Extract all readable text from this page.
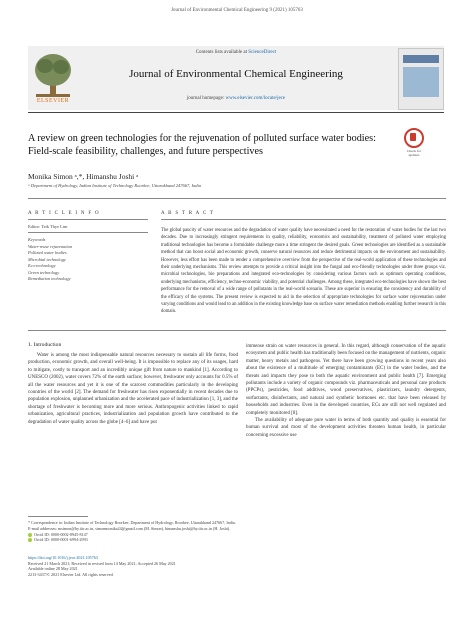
Journal of Environmental Chemical Engineering 9 (2021) 105763
ELSEVIER
Contents lists available at ScienceDirect
Journal of Environmental Chemical Engineering
journal homepage: www.elsevier.com/locate/jece
A review on green technologies for the rejuvenation of polluted surface water bodies: Field-scale feasibility, challenges, and future perspectives	Check for updates
Monika Simon ᵃ,*, Himanshu Joshi ᵃ
ᵃ Department of Hydrology, Indian Institute of Technology Roorkee, Uttarakhand 247667, India
A R T I C L E I N F O
Editor: Teik Thye Lim
Keywords
Water-reuse rejuvenation
Polluted water bodies
Microbial technology
Eco-technology
Green technology
Remediation technology
A B S T R A C T
The global paucity of water resources and the degradation of water quality have necessitated a need for the restoration of water bodies for the last two decades. Due to increasingly stringent requirements in quality, reliability, economics and sustainability, treatment of polluted water employing traditional technologies has become a formidable challenge more a time stringent the desired goals. Green technologies are identified as a sustainable method that can boost social and economic growth, conserve natural resources and reduce detrimental impacts on the environment and sustainability. However, less effort has been made to render a comprehensive overview from the perspective of the real-world application of these technologies and their underlying mechanisms. This review attempts to provide a critical insight into the fungal and eco-friendly technologies under three groups viz. microbial technologies, bio preparations and integrated eco-technologies by considering various factors such as optimum operating conditions, underlying mechanisms, efficiency, techno-economic viability, and potential challenges. Among these, integrated eco-technologies have shown the best performance for the removal of a wide range of pollutants in the real-world scenario. These are superior in ensuring the consistency and durability of the efficacy of the systems. The present review is expected to aid in the selection of appropriate technologies for surface water rejuvenation under varying conditions and would lead to an addition in the existing knowledge base on surface water remediation methods enabling further research in this domain.
1. Introduction
Water is among the most indispensable natural resources necessary to sustain all life forms, food production, economic growth, and overall well-being. It is impossible to replace any of its usages, hard to mitigate, costly to transport and an incredibly unique gift from nature to mankind [1]. According to UNESCO (2002), water covers 72% of the earth surface; however, freshwater only accounts for 0.5% of all the water resources and yet it is one of the scarcest commodities particularly in the developing countries of the world [2]. The demand for freshwater has risen exponentially in recent decades due to population explosion, unplanned urbanization and the accelerated pace of industrialization [1, 3], and the shortage of freshwater is becoming more and more serious. Anthropogenic activities linked to rapid urbanization, agricultural practices, industrialization and population growth have contributed to the degradation of water quality across the globe [4–6] and have put

immense strain on water resources in general. In this regard, although conservation of the aquatic ecosystem and public health has traditionally been focused on the management of nutrients, organic matter, heavy metals and pathogens. Yet there have been growing questions in recent years also about the existence of a multitude of emerging contaminants (EC) in the water bodies, and the threats and impacts they pose to both the aquatic environment and public health [7]. Emerging pollutants include a variety of organic compounds viz. pharmaceuticals and personal care products (PPCPs), pesticides, food additives, wood preservatives, plasticizers, laundry detergents, surfactants, disinfectants, and natural and synthetic hormones etc. that have been released by households and industries. Even in the developed countries, ECs are still not well regulated and completely monitored [8].

The availability of adequate pure water in terms of both quantity and quality is essential for human survival and most of the development activities threaten human health, in particular concerning excessive use

* Correspondence to: Indian Institute of Technology Roorkee, Department of Hydrology, Roorkee, Uttarakhand 247667, India.
E-mail addresses: msimon@hy.iitr.ac.in, simonmonika24@gmail.com (M. Simon), himanshu.joshi@hy.iitr.ac.in (H. Joshi).
Orcid ID: 0000-0002-8945-8147
Orcid ID: 0000-0001-6994-2993
https://doi.org/10.1016/j.jece.2021.105763
Received 21 March 2021; Received in revised form 14 May 2021; Accepted 26 May 2021
Available online 28 May 2021
2213-3437/© 2021 Elsevier Ltd. All rights reserved.
